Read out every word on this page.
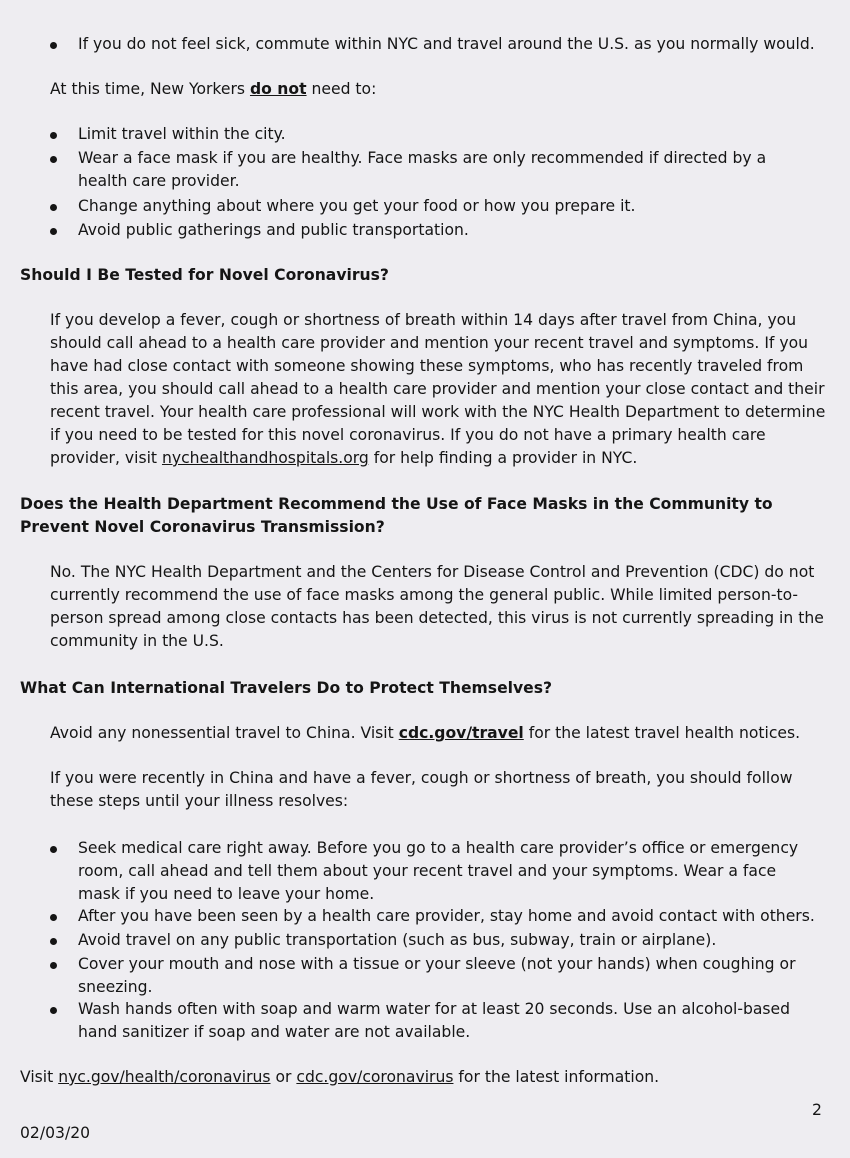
If you do not feel sick, commute within NYC and travel around the U.S. as you normally would.
At this time, New Yorkers do not need to:
Limit travel within the city.
Wear a face mask if you are healthy. Face masks are only recommended if directed by a health care provider.
Change anything about where you get your food or how you prepare it.
Avoid public gatherings and public transportation.
Should I Be Tested for Novel Coronavirus?
If you develop a fever, cough or shortness of breath within 14 days after travel from China, you should call ahead to a health care provider and mention your recent travel and symptoms. If you have had close contact with someone showing these symptoms, who has recently traveled from this area, you should call ahead to a health care provider and mention your close contact and their recent travel. Your health care professional will work with the NYC Health Department to determine if you need to be tested for this novel coronavirus. If you do not have a primary health care provider, visit nychealthandhospitals.org for help finding a provider in NYC.
Does the Health Department Recommend the Use of Face Masks in the Community to Prevent Novel Coronavirus Transmission?
No. The NYC Health Department and the Centers for Disease Control and Prevention (CDC) do not currently recommend the use of face masks among the general public. While limited person-to-person spread among close contacts has been detected, this virus is not currently spreading in the community in the U.S.
What Can International Travelers Do to Protect Themselves?
Avoid any nonessential travel to China. Visit cdc.gov/travel for the latest travel health notices.
If you were recently in China and have a fever, cough or shortness of breath, you should follow these steps until your illness resolves:
Seek medical care right away. Before you go to a health care provider’s office or emergency room, call ahead and tell them about your recent travel and your symptoms. Wear a face mask if you need to leave your home.
After you have been seen by a health care provider, stay home and avoid contact with others.
Avoid travel on any public transportation (such as bus, subway, train or airplane).
Cover your mouth and nose with a tissue or your sleeve (not your hands) when coughing or sneezing.
Wash hands often with soap and warm water for at least 20 seconds. Use an alcohol-based hand sanitizer if soap and water are not available.
Visit nyc.gov/health/coronavirus or cdc.gov/coronavirus for the latest information.
2
02/03/20
